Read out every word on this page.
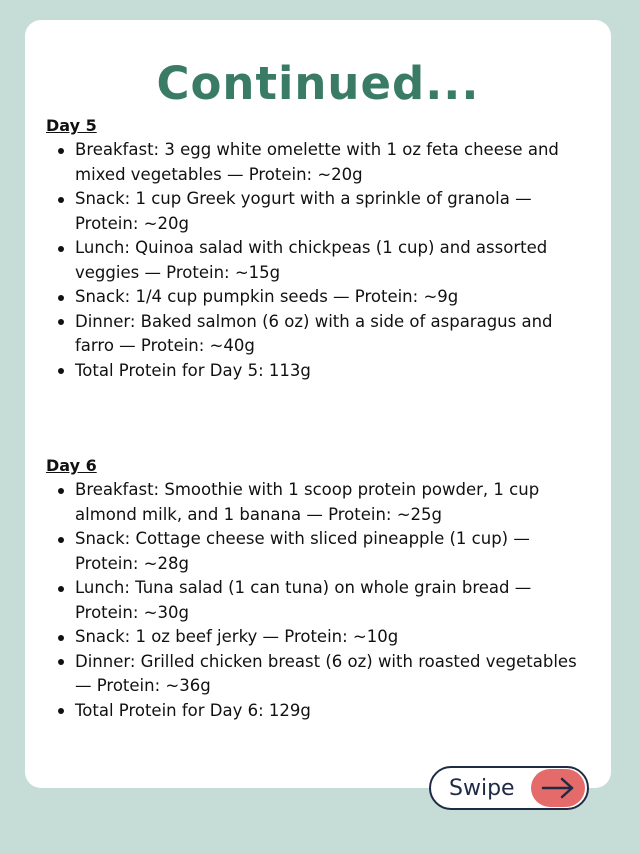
Continued...

Day 5

Breakfast: 3 egg white omelette with 1 oz feta cheese and mixed vegetables — Protein: ~20g
Snack: 1 cup Greek yogurt with a sprinkle of granola — Protein: ~20g
Lunch: Quinoa salad with chickpeas (1 cup) and assorted veggies — Protein: ~15g
Snack: 1/4 cup pumpkin seeds — Protein: ~9g
Dinner: Baked salmon (6 oz) with a side of asparagus and farro — Protein: ~40g
Total Protein for Day 5: 113g

Day 6

Breakfast: Smoothie with 1 scoop protein powder, 1 cup almond milk, and 1 banana — Protein: ~25g
Snack: Cottage cheese with sliced pineapple (1 cup) — Protein: ~28g
Lunch: Tuna salad (1 can tuna) on whole grain bread — Protein: ~30g
Snack: 1 oz beef jerky — Protein: ~10g
Dinner: Grilled chicken breast (6 oz) with roasted vegetables — Protein: ~36g
Total Protein for Day 6: 129g
Swipe
